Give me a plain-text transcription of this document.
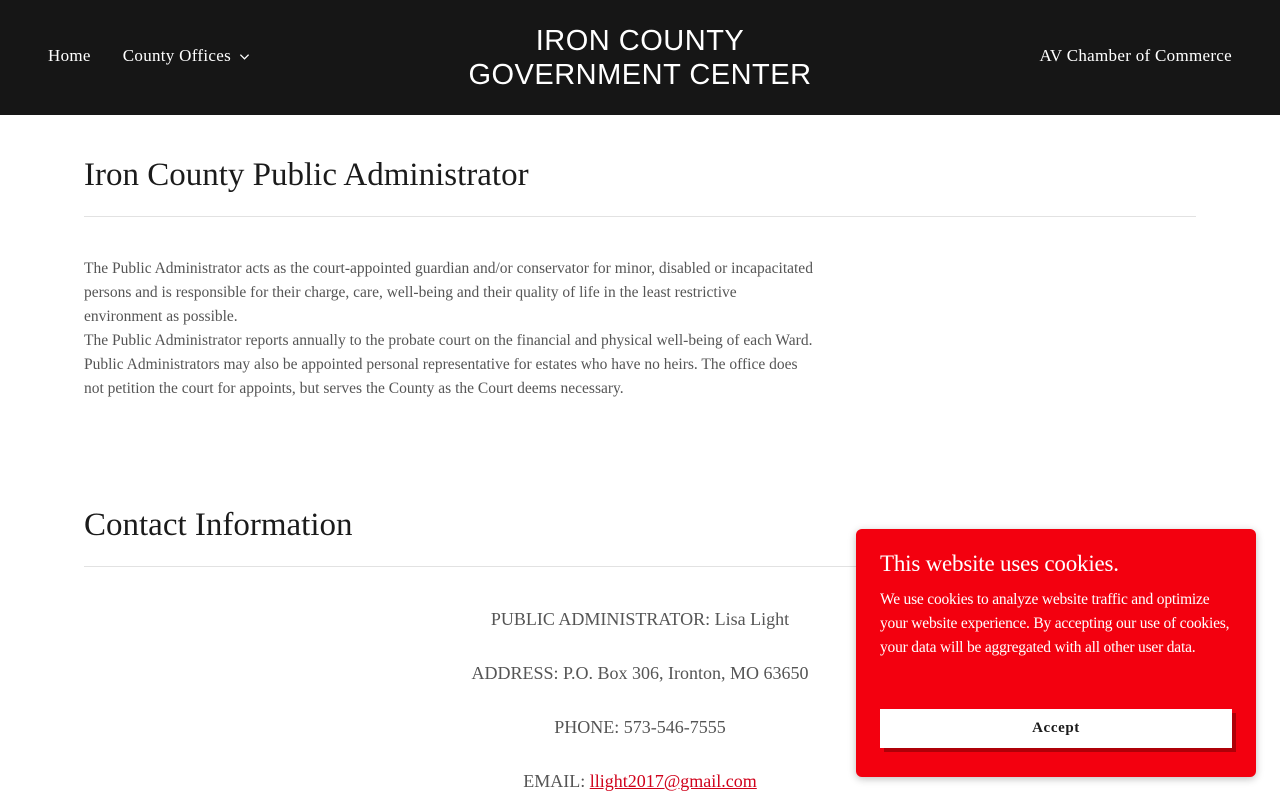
Home County Offices	IRON COUNTY
GOVERNMENT CENTER
AV Chamber of Commerce
Iron County Public Administrator

The Public Administrator acts as the court-appointed guardian and/or conservator for minor, disabled or incapacitated persons and is responsible for their charge, care, well-being and their quality of life in the least restrictive environment as possible.

The Public Administrator reports annually to the probate court on the financial and physical well-being of each Ward.

Public Administrators may also be appointed personal representative for estates who have no heirs. The office does not petition the court for appoints, but serves the County as the Court deems necessary.

Contact Information
PUBLIC ADMINISTRATOR: Lisa Light
ADDRESS: P.O. Box 306, Ironton, MO 63650
PHONE: 573-546-7555
EMAIL: llight2017@gmail.com
This website uses cookies.
We use cookies to analyze website traffic and optimize your website experience. By accepting our use of cookies, your data will be aggregated with all other user data.
Accept
